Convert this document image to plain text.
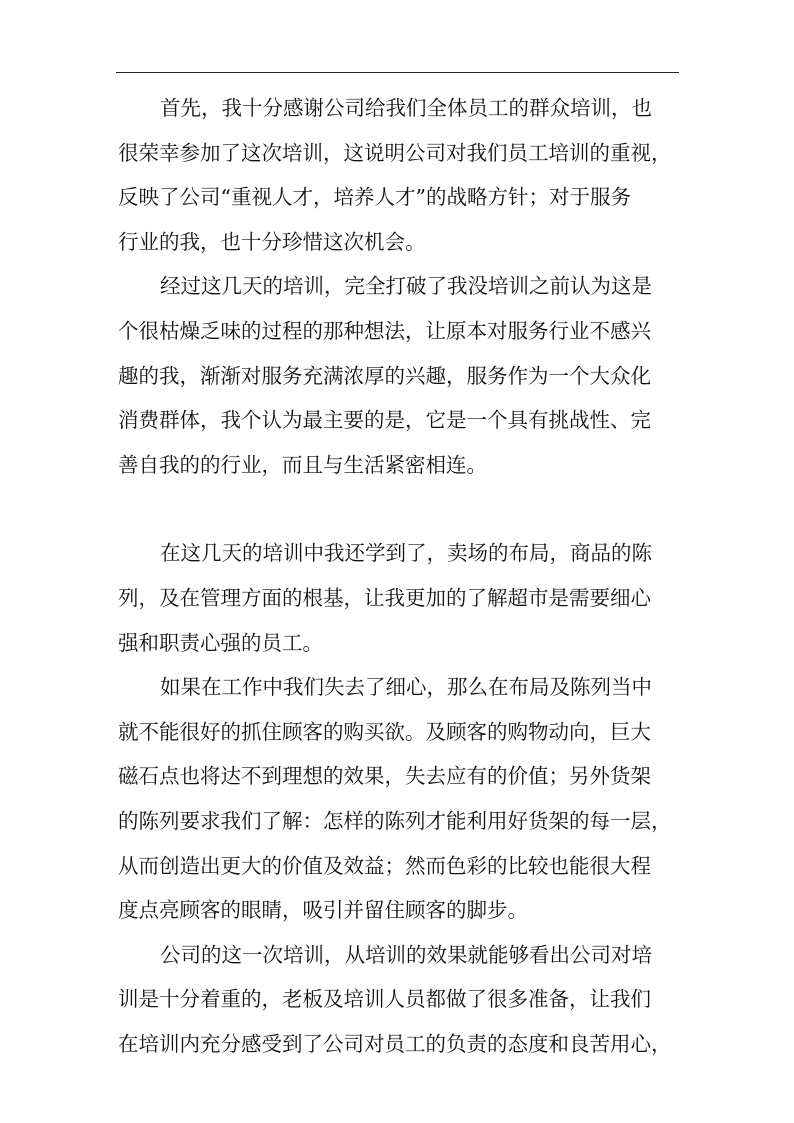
首先，我十分感谢公司给我们全体员工的群众培训，也
很荣幸参加了这次培训，这说明公司对我们员工培训的重视，
反映了公司“重视人才，培养人才”的战略方针；对于服务
行业的我，也十分珍惜这次机会。
经过这几天的培训，完全打破了我没培训之前认为这是
个很枯燥乏味的过程的那种想法，让原本对服务行业不感兴
趣的我，渐渐对服务充满浓厚的兴趣，服务作为一个大众化
消费群体，我个认为最主要的是，它是一个具有挑战性、完
善自我的的行业，而且与生活紧密相连。
在这几天的培训中我还学到了，卖场的布局，商品的陈
列，及在管理方面的根基，让我更加的了解超市是需要细心
强和职责心强的员工。
如果在工作中我们失去了细心，那么在布局及陈列当中
就不能很好的抓住顾客的购买欲。及顾客的购物动向，巨大
磁石点也将达不到理想的效果，失去应有的价值；另外货架
的陈列要求我们了解：怎样的陈列才能利用好货架的每一层，
从而创造出更大的价值及效益；然而色彩的比较也能很大程
度点亮顾客的眼睛，吸引并留住顾客的脚步。
公司的这一次培训，从培训的效果就能够看出公司对培
训是十分着重的，老板及培训人员都做了很多准备，让我们
在培训内充分感受到了公司对员工的负责的态度和良苦用心，
